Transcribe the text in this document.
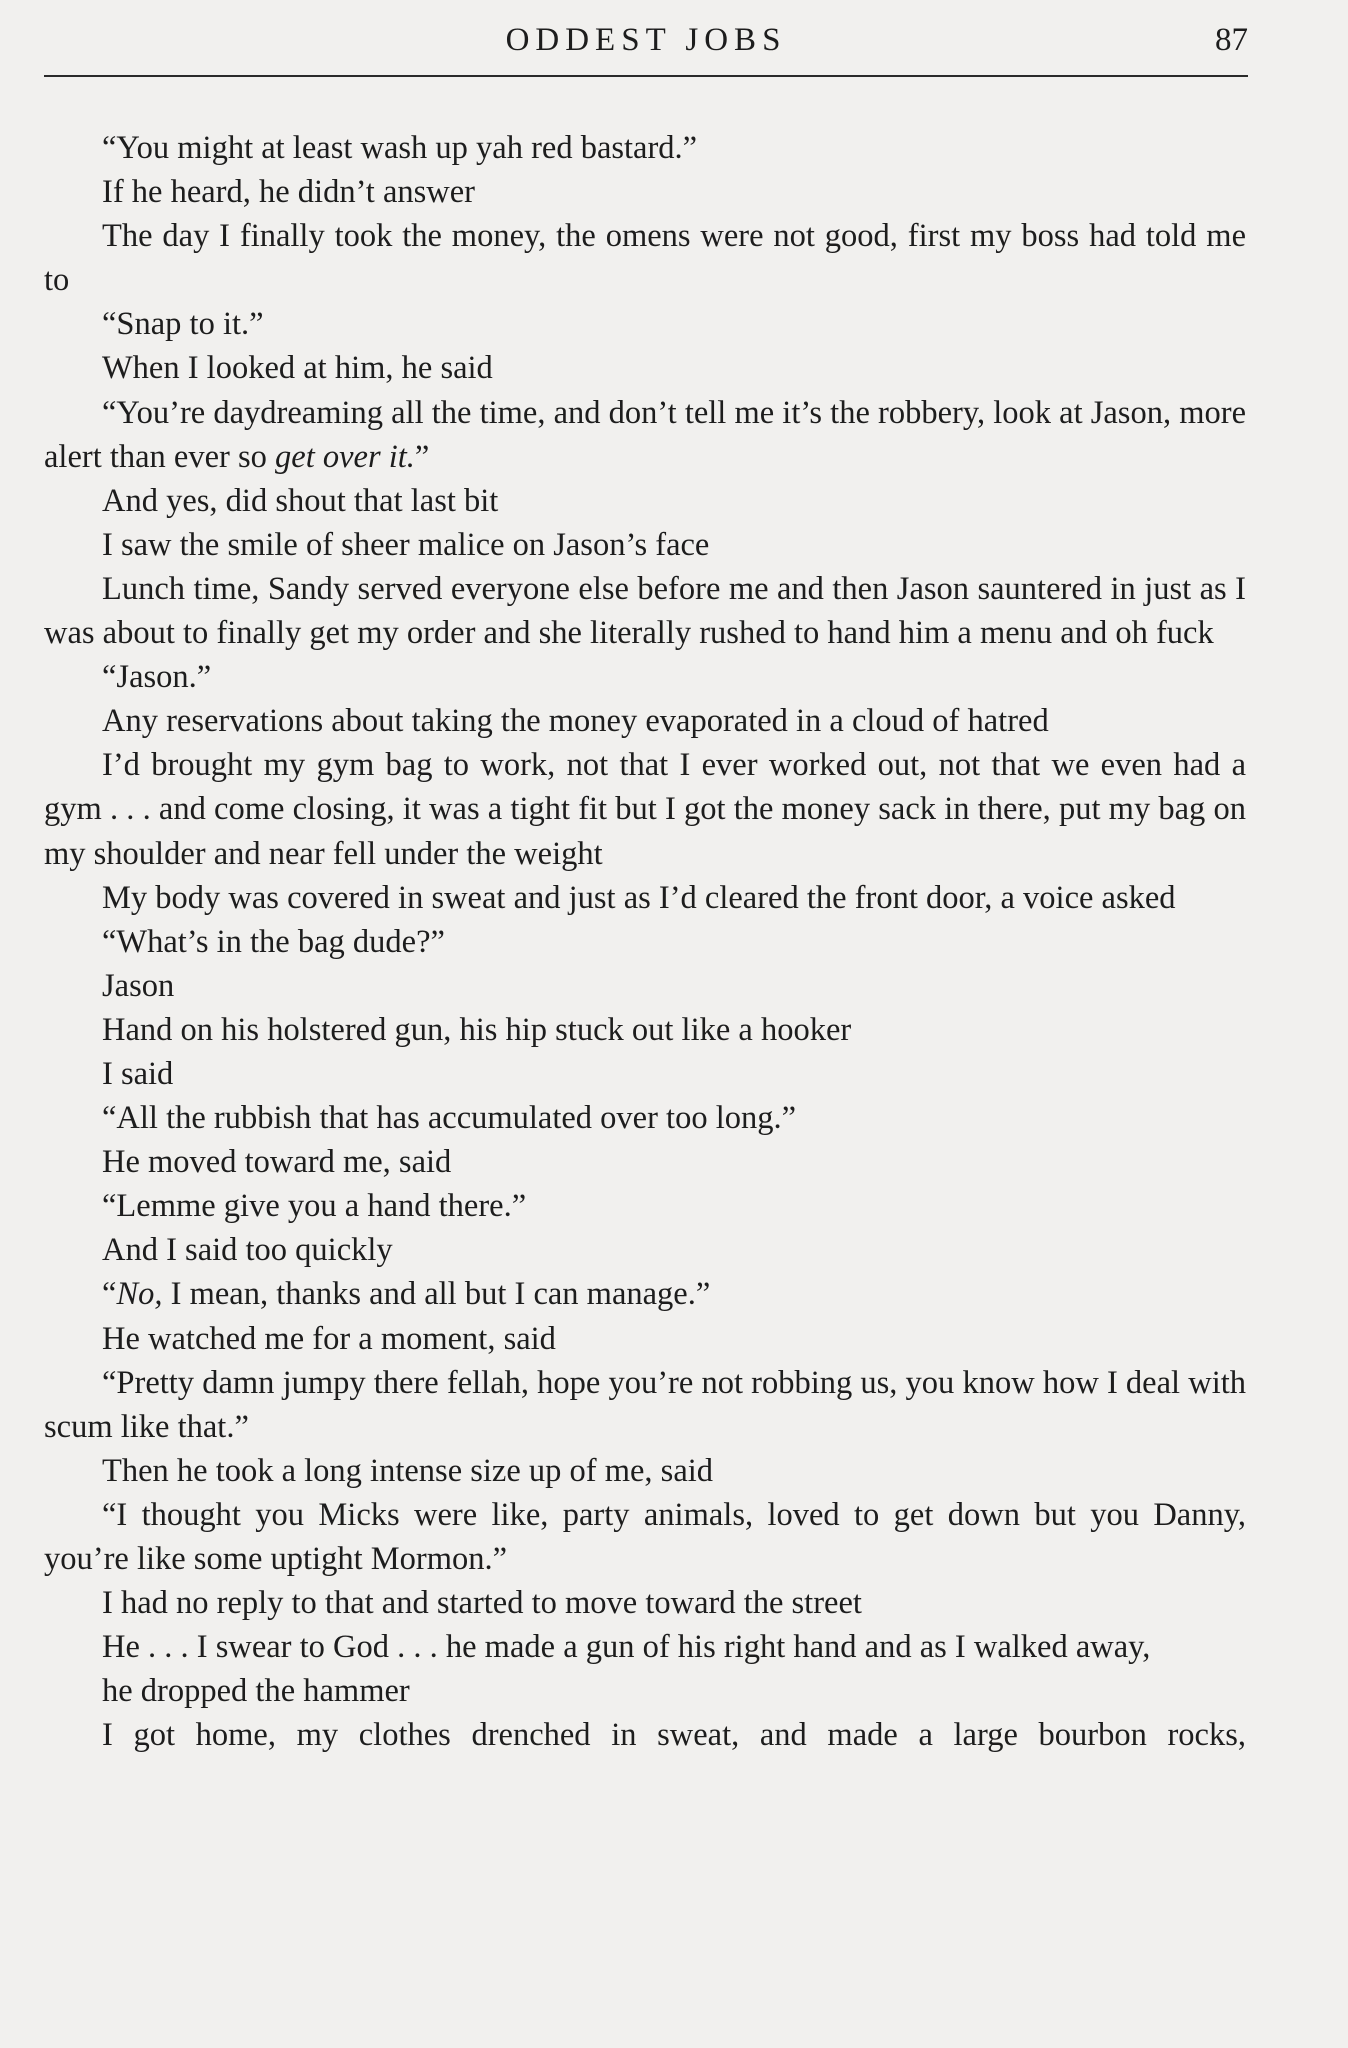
ODDEST JOBS	87

“You might at least wash up yah red bastard.”

If he heard, he didn’t answer

The day I finally took the money, the omens were not good, first my boss had told me to

“Snap to it.”

When I looked at him, he said

“You’re daydreaming all the time, and don’t tell me it’s the robbery, look at Jason, more alert than ever so get over it.”

And yes, did shout that last bit

I saw the smile of sheer malice on Jason’s face

Lunch time, Sandy served everyone else before me and then Jason sauntered in just as I was about to finally get my order and she literally rushed to hand him a menu and oh fuck

“Jason.”

Any reservations about taking the money evaporated in a cloud of hatred

I’d brought my gym bag to work, not that I ever worked out, not that we even had a gym . . . and come closing, it was a tight fit but I got the money sack in there, put my bag on my shoulder and near fell under the weight

My body was covered in sweat and just as I’d cleared the front door, a voice asked

“What’s in the bag dude?”

Jason

Hand on his holstered gun, his hip stuck out like a hooker

I said

“All the rubbish that has accumulated over too long.”

He moved toward me, said

“Lemme give you a hand there.”

And I said too quickly

“No, I mean, thanks and all but I can manage.”

He watched me for a moment, said

“Pretty damn jumpy there fellah, hope you’re not robbing us, you know how I deal with scum like that.”

Then he took a long intense size up of me, said

“I thought you Micks were like, party animals, loved to get down but you Danny, you’re like some uptight Mormon.”

I had no reply to that and started to move toward the street

He . . . I swear to God . . . he made a gun of his right hand and as I walked away,

he dropped the hammer

I got home, my clothes drenched in sweat, and made a large bourbon rocks,
